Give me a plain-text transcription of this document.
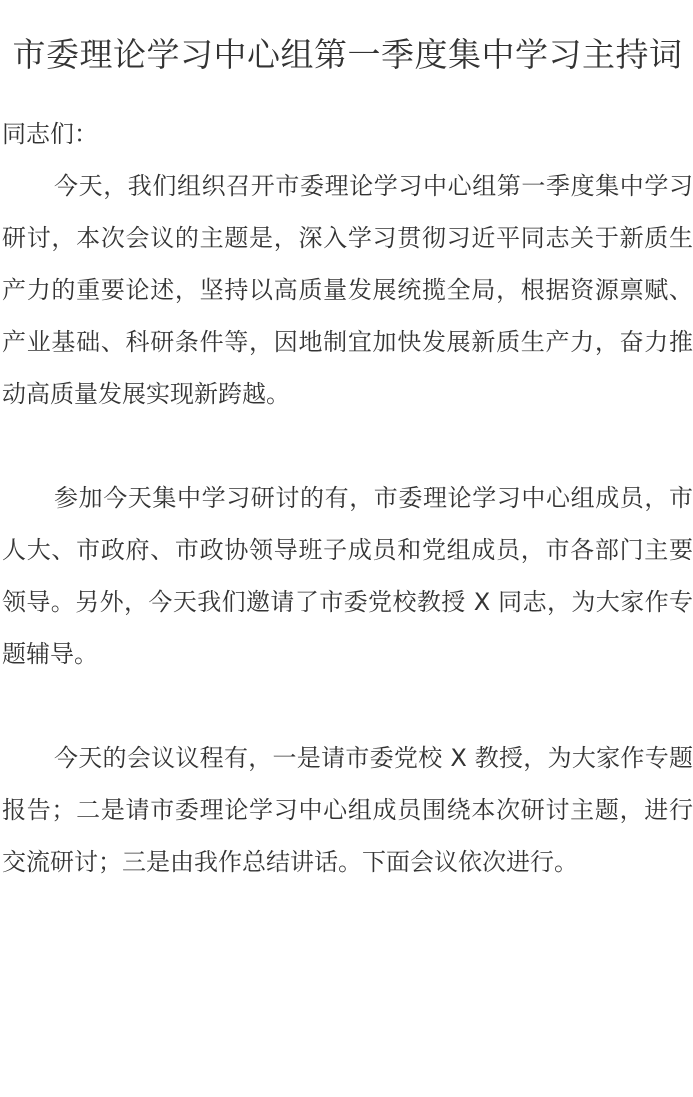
市委理论学习中心组第一季度集中学习主持词

同志们：

今天，我们组织召开市委理论学习中心组第一季度集中学习研讨，本次会议的主题是，深入学习贯彻习近平同志关于新质生产力的重要论述，坚持以高质量发展统揽全局，根据资源禀赋、产业基础、科研条件等，因地制宜加快发展新质生产力，奋力推动高质量发展实现新跨越。

参加今天集中学习研讨的有，市委理论学习中心组成员，市人大、市政府、市政协领导班子成员和党组成员，市各部门主要领导。另外，今天我们邀请了市委党校教授 X 同志，为大家作专题辅导。

今天的会议议程有，一是请市委党校 X 教授，为大家作专题报告；二是请市委理论学习中心组成员围绕本次研讨主题，进行交流研讨；三是由我作总结讲话。下面会议依次进行。
